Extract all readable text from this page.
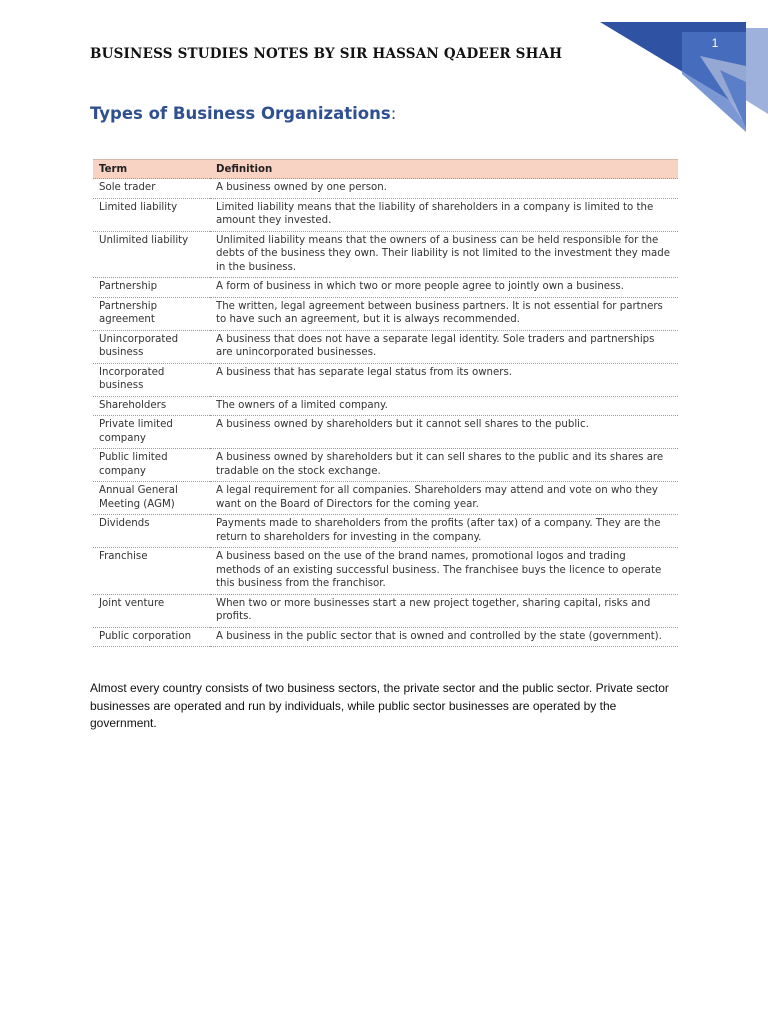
1
BUSINESS STUDIES NOTES BY SIR HASSAN QADEER SHAH
Types of Business Organizations:
Term	Definition
Sole trader	A business owned by one person.
Limited liability	Limited liability means that the liability of shareholders in a company is limited to the amount they invested.
Unlimited liability	Unlimited liability means that the owners of a business can be held responsible for the debts of the business they own. Their liability is not limited to the investment they made in the business.
Partnership	A form of business in which two or more people agree to jointly own a business.
Partnership agreement	The written, legal agreement between business partners. It is not essential for partners to have such an agreement, but it is always recommended.
Unincorporated business	A business that does not have a separate legal identity. Sole traders and partnerships are unincorporated businesses.
Incorporated business	A business that has separate legal status from its owners.
Shareholders	The owners of a limited company.
Private limited company	A business owned by shareholders but it cannot sell shares to the public.
Public limited company	A business owned by shareholders but it can sell shares to the public and its shares are tradable on the stock exchange.
Annual General Meeting (AGM)	A legal requirement for all companies. Shareholders may attend and vote on who they want on the Board of Directors for the coming year.
Dividends	Payments made to shareholders from the profits (after tax) of a company. They are the return to shareholders for investing in the company.
Franchise	A business based on the use of the brand names, promotional logos and trading methods of an existing successful business. The franchisee buys the licence to operate this business from the franchisor.
Joint venture	When two or more businesses start a new project together, sharing capital, risks and profits.
Public corporation	A business in the public sector that is owned and controlled by the state (government).
Almost every country consists of two business sectors, the private sector and the public sector. Private sector businesses are operated and run by individuals, while public sector businesses are operated by the government.
